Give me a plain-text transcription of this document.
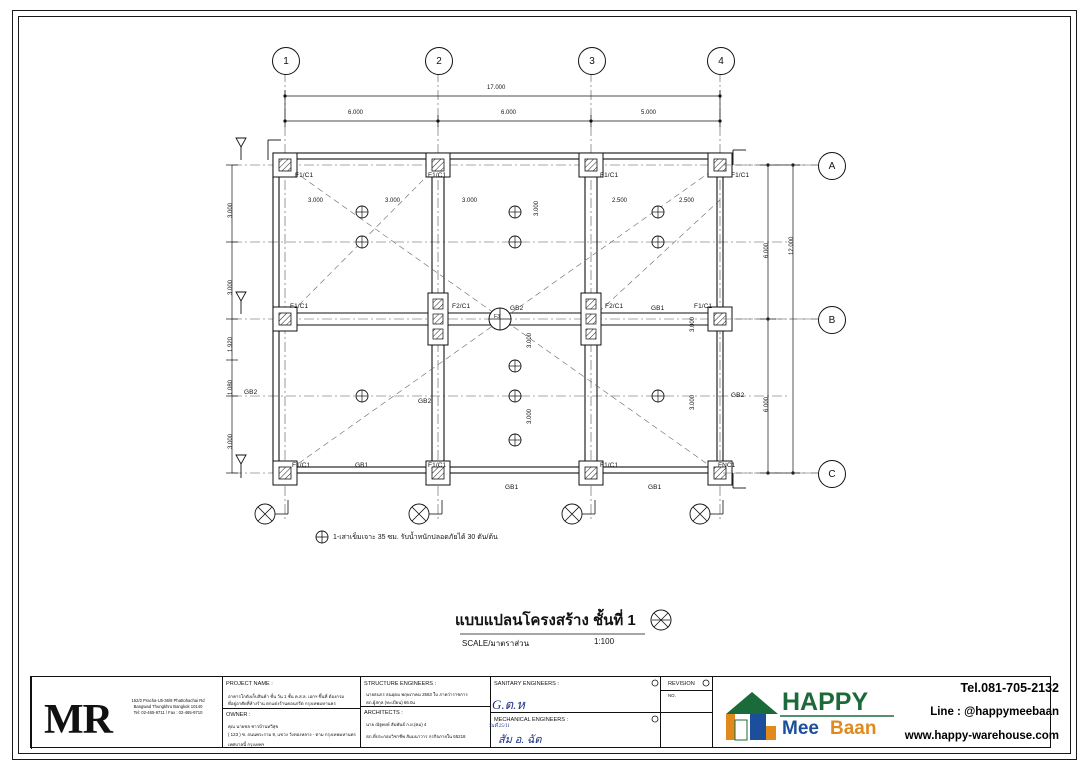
1	2	3	4
A
B
C
17.000
6.000	6.000	5.000
12.000
6.000
6.000
3.000
3.000
1.920
1.080
3.000
3.000	3.000	3.000	3.000	2.500	2.500
3.000
3.000
3.000
3.000
F1/C1	F1/C1	F1/C1	F1/C1
F1/C1	F2/C1	F2/C1	F1/C1
F1/C1	F1/C1	F1/C1	FNC1
GB2	GB1
GB2
GB2
GB1
GB1	GB1
GB2
F3
1-เสาเข็มเจาะ 35 ซม. รับน้ำหนักปลอดภัยได้ 30 ตัน/ต้น
แบบแปลนโครงสร้าง ชั้นที่ 1
SCALE/มาตราส่วน	1:100
MR	152/2 Pracha-Uti-36/8 Phattohachai Rd
Bangwad Thungkhru Bangkok 10140
Tel: 02-465-9711 / Fax : 02-465-9710
PROJECT NAME :
อาคารโกดังเก็บสินค้า ชั้น ว้น 1 ชั้น ค.ส.ล. เอกฯ ขึ้นที่ ต้องกรม
ที่อยู่อาศัยที่ห้างร้าน ตกแต่งร้านคอนกรีต กรุงเทพมหานคร
OWNER :
คุณ นายชล ชาวบ้านทวีสุข
( 123 ) ซ. ถนนพระราม 9, แขวง วังทองหลาง - ตาม กรุงเทพมหานคร
เทศบาลนี้ กรุงเทพฯ
STRUCTURE ENGINEERS :
นายธนกร ธนอุดม พฤษภาคม 2563 ใบ ภาคว่าราชการ
สภ.ผู้สกุล (ทะเบียน) 66.0แ
ARCHITECTS :
นาย ณัฐพงษ์ สัมพันธ์ ก.ย.(คม) 4
สภ.ที่ประกอบวิชาชีพ สัมมนาวาร กรกิจภายใน 65218
SANITARY ENGINEERS :
MECHANICAL ENGINEERS :
REVISION
NO.
G.ต.ห
วันที่ 25/11
สัม อ. ฉัต
HAPPY
Mee Baan
Tel.081-705-2132
Line : @happymeebaan
www.happy-warehouse.com
